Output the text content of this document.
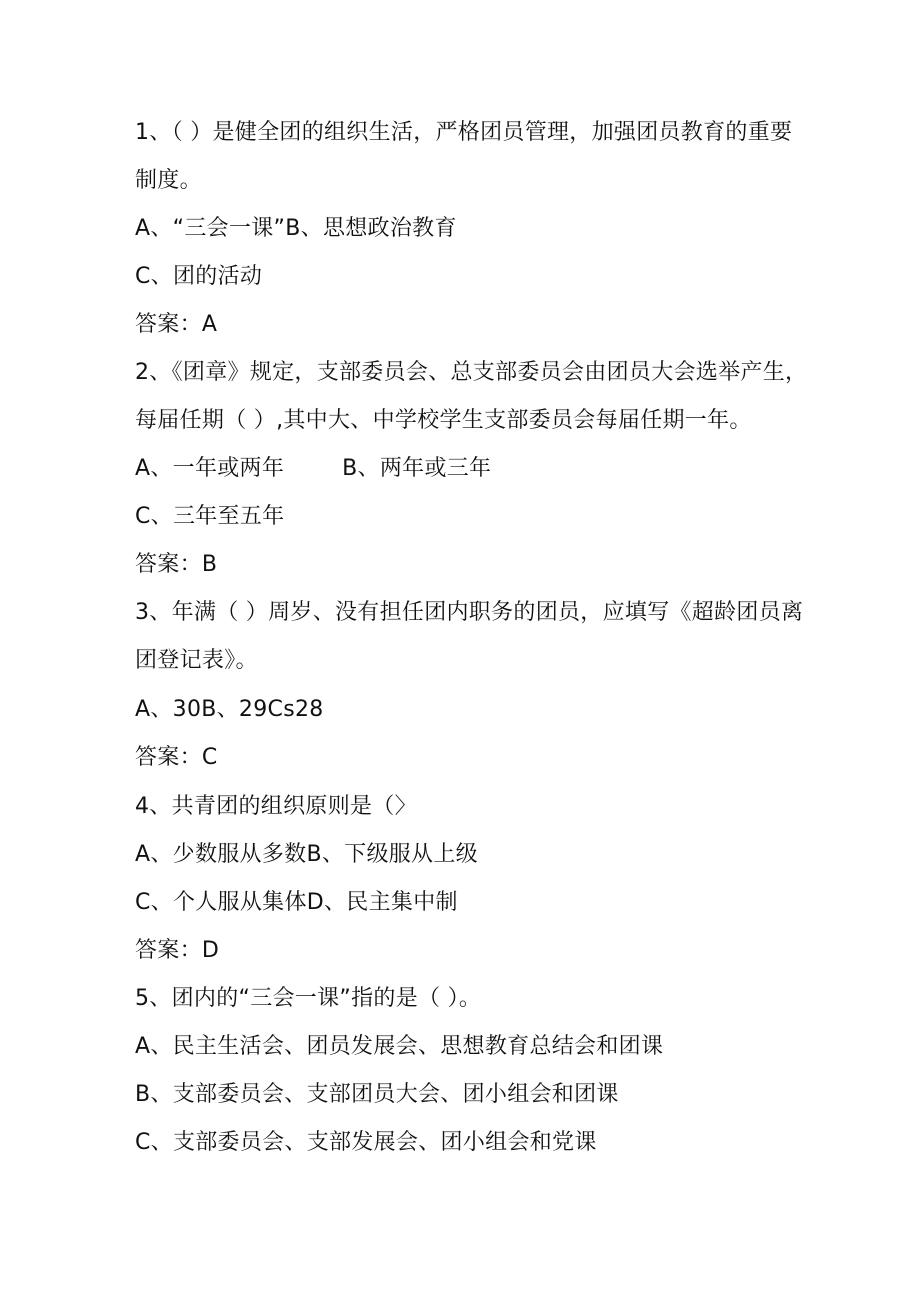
1、（ ）是健全团的组织生活，严格团员管理，加强团员教育的重要
制度。
A、“三会一课”B、思想政治教育
C、团的活动
答案：A
2、《团章》规定，支部委员会、总支部委员会由团员大会选举产生，
每届任期（ ）,其中大、中学校学生支部委员会每届任期一年。
A、一年或两年	B、两年或三年
C、三年至五年
答案：B
3、年满（ ）周岁、没有担任团内职务的团员，应填写《超龄团员离
团登记表》。
A、30B、29Cs28
答案：C
4、共青团的组织原则是（〉
A、少数服从多数B、下级服从上级
C、个人服从集体D、民主集中制
答案：D
5、团内的“三会一课”指的是（ ）。
A、民主生活会、团员发展会、思想教育总结会和团课
B、支部委员会、支部团员大会、团小组会和团课
C、支部委员会、支部发展会、团小组会和党课
